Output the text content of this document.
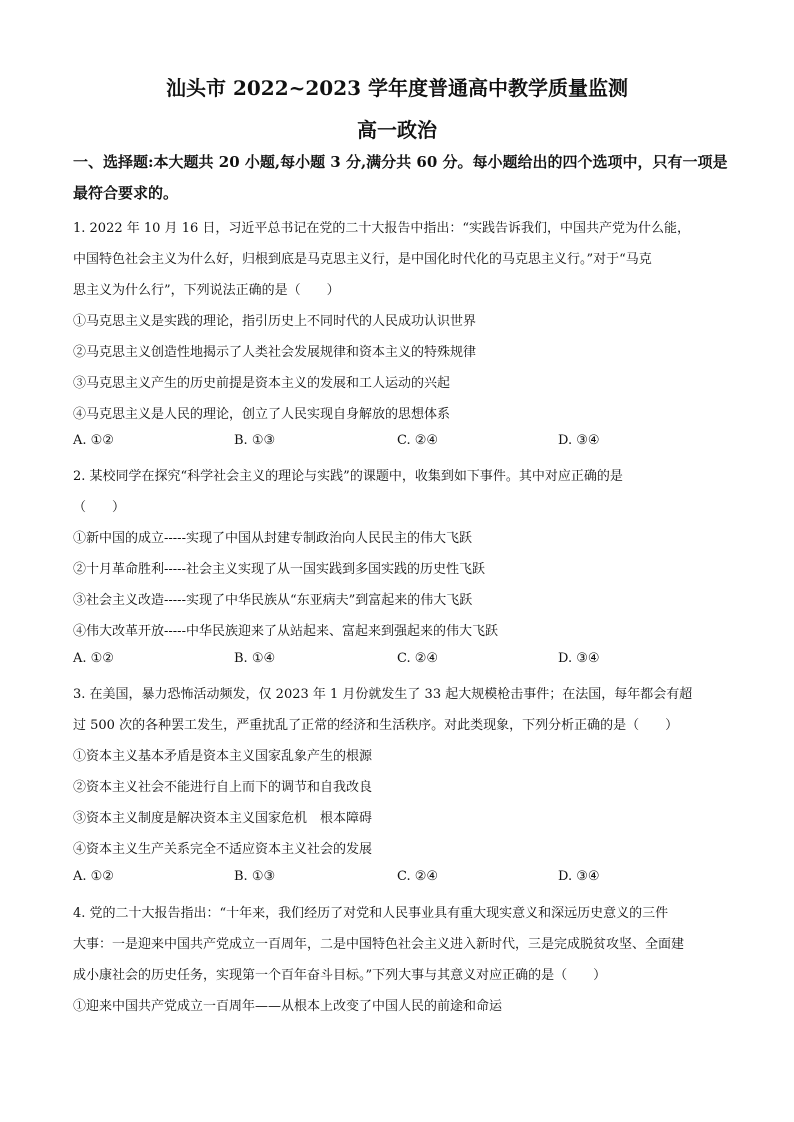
汕头市 2022~2023 学年度普通高中教学质量监测
高一政治
一、选择题:本大题共 20 小题,每小题 3 分,满分共 60 分。每小题给出的四个选项中，只有一项是最符合要求的。
1. 2022 年 10 月 16 日，习近平总书记在党的二十大报告中指出：“实践告诉我们，中国共产党为什么能，
中国特色社会主义为什么好，归根到底是马克思主义行，是中国化时代化的马克思主义行。”对于“马克
思主义为什么行”，下列说法正确的是（　　）
①马克思主义是实践的理论，指引历史上不同时代的人民成功认识世界
②马克思主义创造性地揭示了人类社会发展规律和资本主义的特殊规律
③马克思主义产生的历史前提是资本主义的发展和工人运动的兴起
④马克思主义是人民的理论，创立了人民实现自身解放的思想体系
A. ①②	B. ①③	C. ②④	D. ③④
2. 某校同学在探究“科学社会主义的理论与实践”的课题中，收集到如下事件。其中对应正确的是
（　　）
①新中国的成立-----实现了中国从封建专制政治向人民民主的伟大飞跃
②十月革命胜利-----社会主义实现了从一国实践到多国实践的历史性飞跃
③社会主义改造-----实现了中华民族从“东亚病夫”到富起来的伟大飞跃
④伟大改革开放-----中华民族迎来了从站起来、富起来到强起来的伟大飞跃
A. ①②	B. ①④	C. ②④	D. ③④
3. 在美国，暴力恐怖活动频发，仅 2023 年 1 月份就发生了 33 起大规模枪击事件；在法国，每年都会有超
过 500 次的各种罢工发生，严重扰乱了正常的经济和生活秩序。对此类现象，下列分析正确的是（　　）
①资本主义基本矛盾是资本主义国家乱象产生的根源
②资本主义社会不能进行自上而下的调节和自我改良
③资本主义制度是解决资本主义国家危机　根本障碍
④资本主义生产关系完全不适应资本主义社会的发展
A. ①②	B. ①③	C. ②④	D. ③④
4. 党的二十大报告指出：“十年来，我们经历了对党和人民事业具有重大现实意义和深远历史意义的三件
大事：一是迎来中国共产党成立一百周年，二是中国特色社会主义进入新时代，三是完成脱贫攻坚、全面建
成小康社会的历史任务，实现第一个百年奋斗目标。”下列大事与其意义对应正确的是（　　）
①迎来中国共产党成立一百周年——从根本上改变了中国人民的前途和命运
